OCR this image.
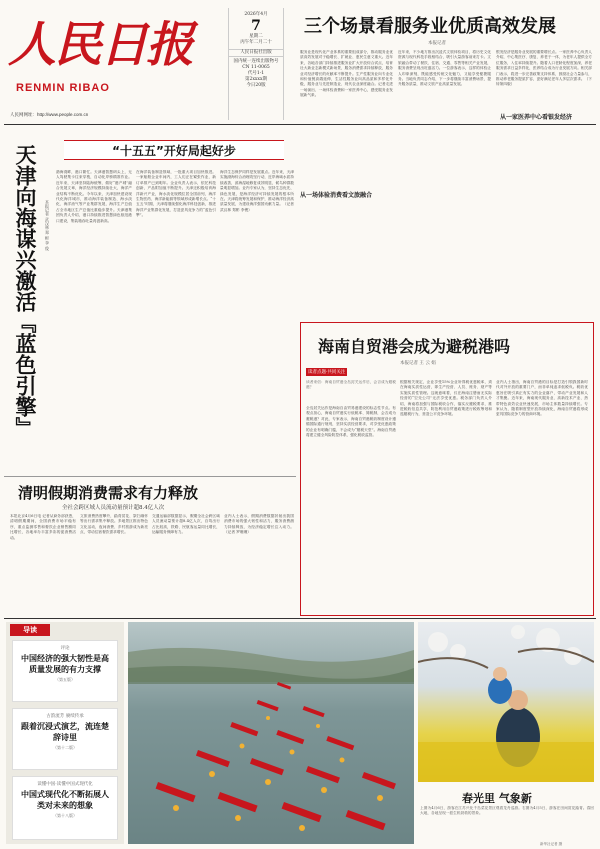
人民日报
RENMIN RIBAO
人民网网址：http://www.people.com.cn
2026年4月
7
星期二
丙午年二月二十
人民日报社出版
国内统一连续出版物号
CN 11-0065
代号1-1
第2xxxx期
今日20版
三个场景看服务业优质高效发展
本报记者
服务业是现代化产业体系的重要组成部分，推动服务业优质高效发展对于稳增长、扩就业、惠民生意义重大。近年来，各地各部门持续推进服务业扩大开放综合试点，培育壮大新业态新模式新场景，服务消费需求持续释放，服务业对经济增长的贡献率不断提升。生产性服务业向专业化和价值链高端延伸，生活性服务业向高品质和多样化升级，服务业与先进制造业、现代农业深度融合。记者走进一场演出、一场体验消费和一家医养中心，感受服务业发展新气象。
近年来，不少地方推出沉浸式文旅体验项目，将历史文化资源与现代科技手段相结合，吸引大量游客前来打卡。文旅融合带动了餐饮、住宿、交通、零售等相关产业发展，服务消费呈现出旺盛活力。一位游客表示，这样的体验让人印象深刻，既能感受传统文化魅力，又能享受便捷服务。当地负责同志介绍，下一步将继续丰富消费场景，提升服务质量，推动文旅产业高质量发展。
银发经济是服务业发展的重要增长点。一家医养中心负责人介绍，中心集医疗、康复、养老于一体，为老年人提供全方位服务，入住率持续提升。随着人口老龄化程度加深，养老服务需求日益多样化，医养结合成为行业发展方向。相关部门表示，将进一步完善政策支持体系，鼓励社会力量参与，推动养老服务提质扩容，更好满足老年人多层次需求。（下转第四版）
从一场体验消费看文旅融合
从一家医养中心看银发经济
“十五五”开好局起好步
天津向海谋兴激活『蓝色引擎』	本报记者 武汉林 郑 彬 李 俊
渤海湾畔，港口繁忙。天津港智慧码头上，无人驾驶集卡往来穿梭，自动化岸桥精准作业。近年来，天津坚持陆海统筹，做好“港产城”融合发展文章，海洋经济规模持续壮大，海洋产业结构不断优化。今年以来，天津加快建设现代化海洋城市，推动海洋装备制造、海水淡化、海洋油气等产业集群发展，海洋生产总值占全市地区生产总值比重稳步提升。天津港集团负责人介绍，港口持续推进智慧绿色枢纽港口建设，集装箱吞吐量再创新高。
在海洋装备制造领域，一批重大项目加快推进。一家船舶企业车间内，工人们正在紧张作业，新订单排产已到明年。企业负责人表示，依托科技创新，产品附加值不断提升。天津还积极培育海洋新兴产业，海水淡化规模位居全国前列，海洋生物医药、海洋新能源等领域形成新增长点。“十五五”时期，天津将继续强化海洋科技创新，推进海洋产业集群化发展，打造更具竞争力的“蓝色引擎”。
海洋生态保护同样是发展重点。近年来，天津实施渤海综合治理攻坚行动，近岸海域水质持续改善，滨海湿地修复成效明显，候鸟种群数量明显增加。业内专家认为，坚持生态优先、绿色发展，是海洋经济可持续发展的根本所在。天津将统筹发展和保护，推动海洋经济高质量发展，为建设海洋强国贡献力量。（记者 武汉林 郑彬 李俊）
海南自贸港会成为避税港吗
本报记者 王 云 娟
读者点题·共同关注
读者来信：海南自贸港全岛封关运作后，会否成为避税港？
全岛封关运作是海南自由贸易港建设的标志性节点。有观点担心，海南自贸港实行低税率、简税制，会否成为避税港？对此，专家表示，海南自贸港税收制度设计遵循国际通行规则，坚持实质经营要求，对享受优惠政策的企业有明确门槛，不会成为“避税天堂”。海南自贸港将建立健全风险防控体系，强化税收监管。
根据相关规定，企业享受15%企业所得税优惠税率，须在海南实质性运营，即生产经营、人员、账务、财产等实施实质性管理。这就意味着，仅在海南注册而无实际经营的“空壳公司”无法享受优惠。税务部门负责人介绍，海南将加强与国际税收合作，落实反避税要求，推进税收信息共享，防范利用自贸港政策进行税收筹划和逃避税行为，营造公平竞争环境。
业内人士指出，海南自贸港的目标是打造引领我国新时代对外开放的重要门户，而非单纯追求低税负。税收优惠旨在吸引真正有实力的企业落户，带动产业发展和人才集聚。近年来，海南现代服务业、高新技术产业、热带特色高效农业快速发展，市场主体数量持续增长。专家认为，随着制度型开放持续深化，海南自贸港将形成更具国际竞争力的营商环境。
清明假期消费需求有力释放
全社会跨区域人员流动量预计超8.4亿人次
本报北京4月6日电 记者从商务部获悉，清明假期期间，全国消费市场平稳有序，重点监测零售和餐饮企业销售额同比增长，各地举办丰富多彩的促消费活动。
文旅消费热度攀升，踏青赏花、祭扫缅怀等出行需求集中释放。多地景区推出特色文化活动，夜间消费、乡村旅游成为新亮点，带动住宿餐饮需求增长。
交通运输部数据显示，假期全社会跨区域人员流动量预计超8.4亿人次，自驾出行占比较高，铁路、民航客运量同比增长，运输服务保障有力。
业内人士表示，假期消费数据折射出我国消费市场的强大韧性和活力，服务消费潜力持续释放，为经济稳定增长注入动力。（记者 罗珊珊）
导读
评论
中国经济的强大韧性是高质量发展的有力支撑
（第五版）
古韵流芳 赓续传承
跟着沉浸式演艺，流连楚辞诗里
（第十二版）
读懂中国·读懂中国式现代化
中国式现代化不断拓展人类对未来的想象
（第十八版）
春光里 气象新
上图为4月6日，游客在江苏兴化千岛菜花景区观看龙舟巡游。右图为4月5日，游客在田间赏花踏青。春回大地，各地呈现一派生机勃勃的景象。
新华社记者 摄
